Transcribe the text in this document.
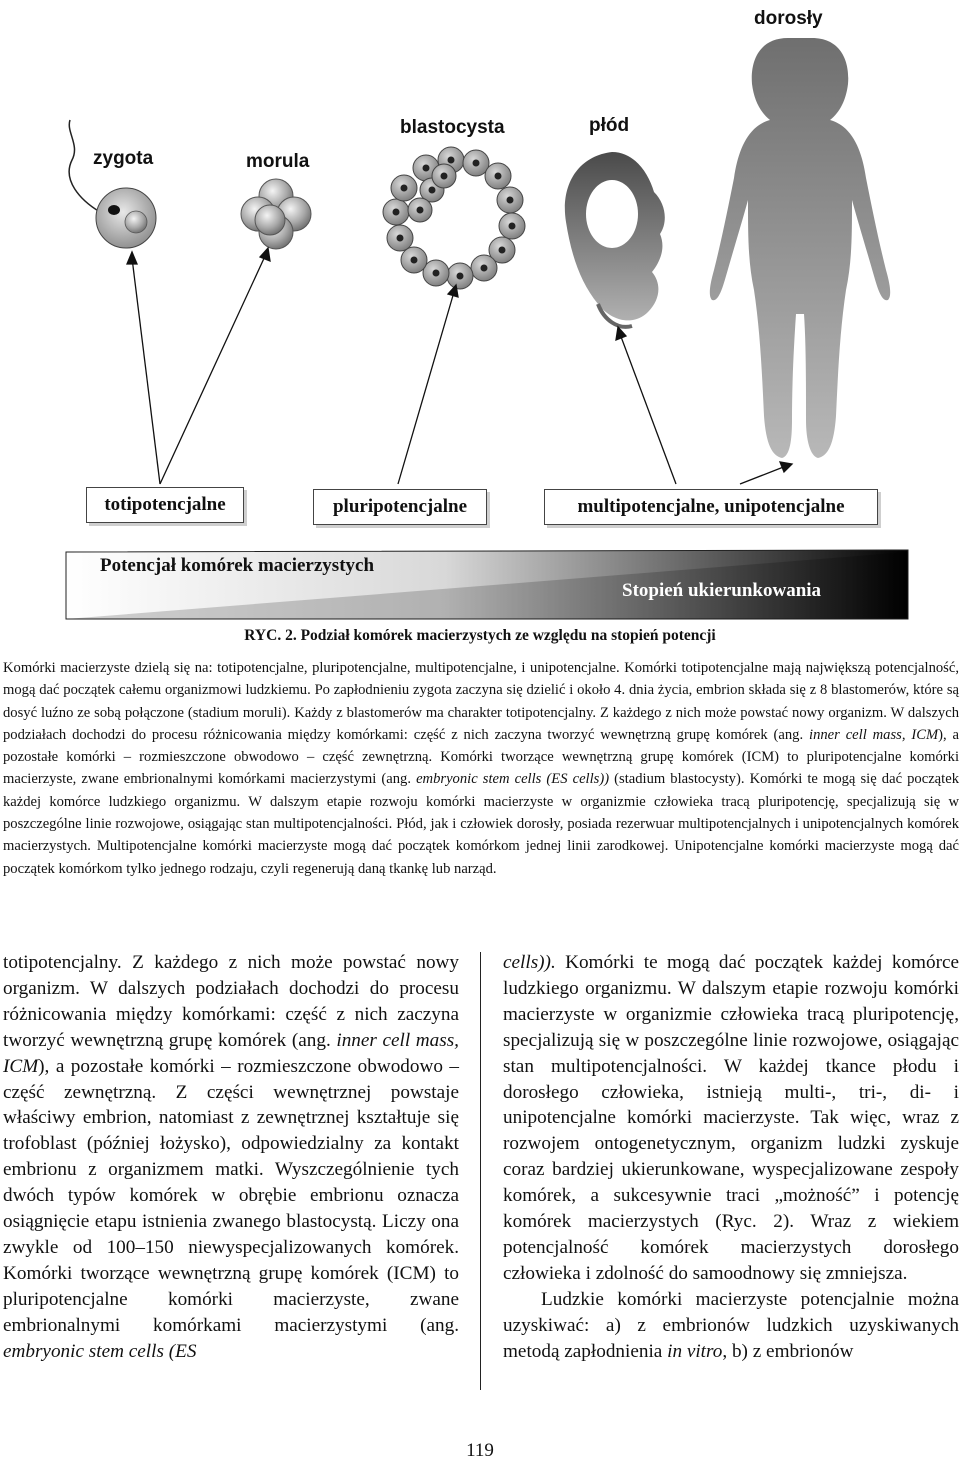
zygota	morula
blastocysta	płód
dorosły
totipotencjalne	pluripotencjalne	multipotencjalne, unipotencjalne
Potencjał komórek macierzystych
Stopień ukierunkowania
RYC. 2. Podział komórek macierzystych ze względu na stopień potencji

Komórki macierzyste dzielą się na: totipotencjalne, pluripotencjalne, multipotencjalne, i unipotencjalne. Komórki totipotencjalne mają największą potencjalność, mogą dać początek całemu organizmowi ludzkiemu. Po zapłodnieniu zygota zaczyna się dzielić i około 4. dnia życia, embrion składa się z 8 blastomerów, które są dosyć luźno ze sobą połączone (stadium moruli). Każdy z blastomerów ma charakter totipotencjalny. Z każdego z nich może powstać nowy organizm. W dalszych podziałach dochodzi do procesu różnicowania między komórkami: część z nich zaczyna tworzyć wewnętrzną grupę komórek (ang. inner cell mass, ICM), a pozostałe komórki – rozmieszczone obwodowo – część zewnętrzną. Komórki tworzące wewnętrzną grupę komórek (ICM) to pluripotencjalne komórki macierzyste, zwane embrionalnymi komórkami macierzystymi (ang. embryonic stem cells (ES cells)) (stadium blastocysty). Komórki te mogą się dać początek każdej komórce ludzkiego organizmu. W dalszym etapie rozwoju komórki macierzyste w organizmie człowieka tracą pluripotencję, specjalizują się w poszczególne linie rozwojowe, osiągając stan multipotencjalności. Płód, jak i człowiek dorosły, posiada rezerwuar multipotencjalnych i unipotencjalnych komórek macierzystych. Multipotencjalne komórki macierzyste mogą dać początek komórkom jednej linii zarodkowej. Unipotencjalne komórki macierzyste mogą dać początek komórkom tylko jednego rodzaju, czyli regenerują daną tkankę lub narząd.

totipotencjalny. Z każdego z nich może powstać nowy organizm. W dalszych podziałach dochodzi do procesu różnicowania między komórkami: część z nich zaczyna tworzyć wewnętrzną grupę komórek (ang. inner cell mass, ICM), a pozostałe komórki – rozmieszczone obwodowo – część zewnętrzną. Z części wewnętrznej powstaje właściwy embrion, natomiast z zewnętrznej kształtuje się trofoblast (później łożysko), odpowiedzialny za kontakt embrionu z organizmem matki. Wyszczególnienie tych dwóch typów komórek w obrębie embrionu oznacza osiągnięcie etapu istnienia zwanego blastocystą. Liczy ona zwykle od 100–150 niewyspecjalizowanych komórek. Komórki tworzące wewnętrzną grupę komórek (ICM) to pluripotencjalne komórki macierzyste, zwane embrionalnymi komórkami macierzystymi (ang. embryonic stem cells (ES

cells)). Komórki te mogą dać początek każdej komórce ludzkiego organizmu. W dalszym etapie rozwoju komórki macierzyste w organizmie człowieka tracą pluripotencję, specjalizują się w poszczególne linie rozwojowe, osiągając stan multipotencjalności. W każdej tkance płodu i dorosłego człowieka, istnieją multi-, tri-, di- i unipotencjalne komórki macierzyste. Tak więc, wraz z rozwojem ontogenetycznym, organizm ludzki zyskuje coraz bardziej ukierunkowane, wyspecjalizowane zespoły komórek, a sukcesywnie traci „możność” i potencję komórek macierzystych (Ryc. 2). Wraz z wiekiem potencjalność komórek macierzystych dorosłego człowieka i zdolność do samoodnowy się zmniejsza.

Ludzkie komórki macierzyste potencjalnie można uzyskiwać: a) z embrionów ludzkich uzyskiwanych metodą zapłodnienia in vitro, b) z embrionów

119
